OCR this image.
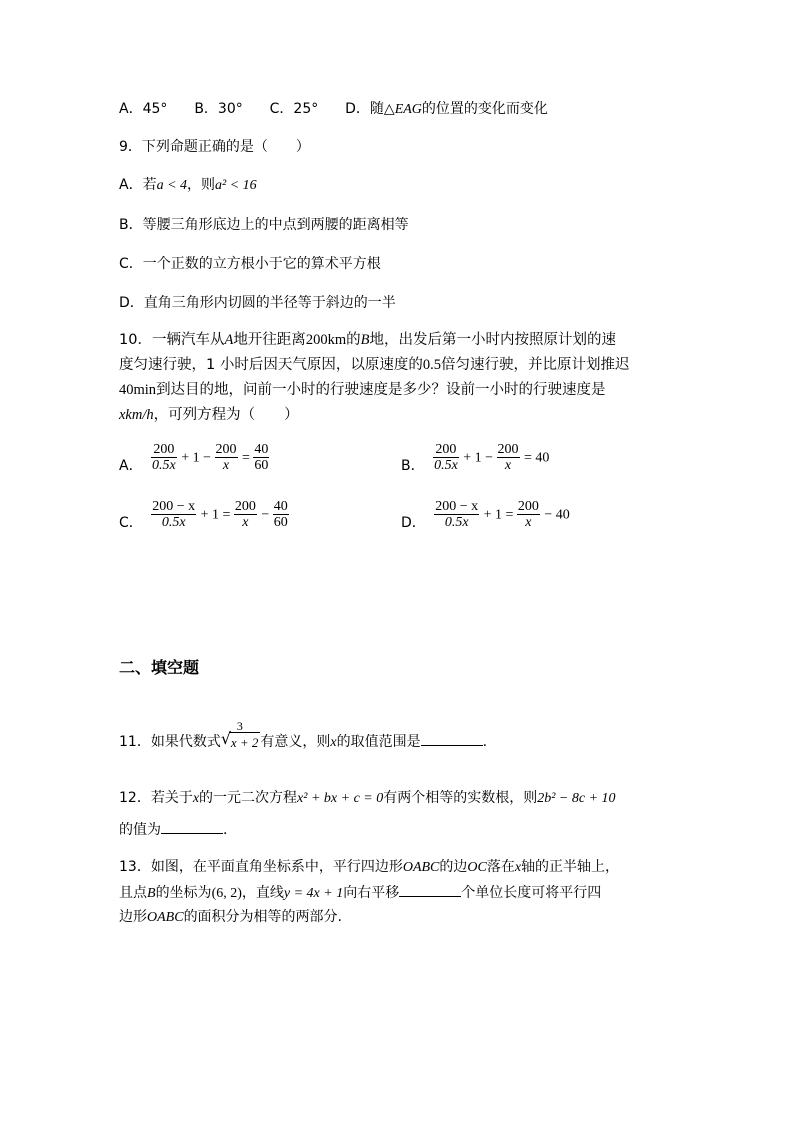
A．45° B．30° C．25° D．随△EAG的位置的变化而变化
9．下列命题正确的是（　　）
A．若a < 4，则a² < 16
B．等腰三角形底边上的中点到两腰的距离相等
C．一个正数的立方根小于它的算术平方根
D．直角三角形内切圆的半径等于斜边的一半
10．一辆汽车从A地开往距离200km的B地，出发后第一小时内按照原计划的速
度匀速行驶，1 小时后因天气原因，以原速度的0.5倍匀速行驶，并比原计划推迟
40min到达目的地，问前一小时的行驶速度是多少？设前一小时的行驶速度是
xkm/h，可列方程为（　　）
A． $\frac{200}{0.5x} + 1 - \frac{200}{x} = \frac{40}{60}$	B． $\frac{200}{0.5x} + 1 - \frac{200}{x} = 40$
C． $\frac{200 - x}{0.5x} + 1 = \frac{200}{x} - \frac{40}{60}$	D． $\frac{200 - x}{0.5x} + 1 = \frac{200}{x} - 40$
二、填空题
11．如果代数式
3
√ x + 2 有意义，则x的取值范围是	.
12．若关于x的一元二次方程x² + bx + c = 0有两个相等的实数根，则2b² − 8c + 10
的值为	.
13．如图，在平面直角坐标系中，平行四边形OABC的边OC落在x轴的正半轴上，
且点B的坐标为(6, 2)，直线y = 4x + 1向右平移	个单位长度可将平行四
边形OABC的面积分为相等的两部分.
